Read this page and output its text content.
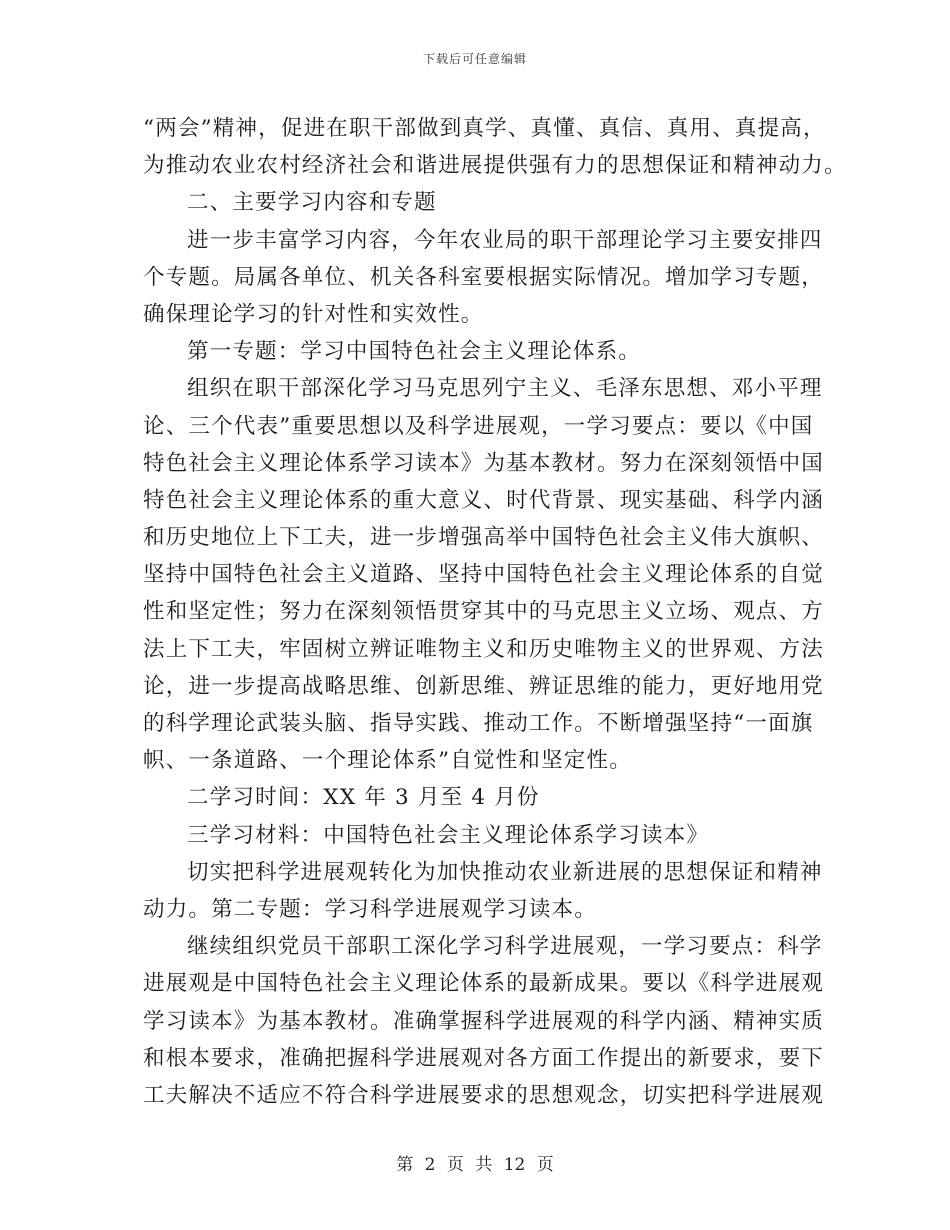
下载后可任意编辑
“两会”精神，促进在职干部做到真学、真懂、真信、真用、真提高，
为推动农业农村经济社会和谐进展提供强有力的思想保证和精神动力。
二、主要学习内容和专题
进一步丰富学习内容，今年农业局的职干部理论学习主要安排四
个专题。局属各单位、机关各科室要根据实际情况。增加学习专题，
确保理论学习的针对性和实效性。
第一专题：学习中国特色社会主义理论体系。
组织在职干部深化学习马克思列宁主义、毛泽东思想、邓小平理
论、三个代表”重要思想以及科学进展观，一学习要点：要以《中国
特色社会主义理论体系学习读本》为基本教材。努力在深刻领悟中国
特色社会主义理论体系的重大意义、时代背景、现实基础、科学内涵
和历史地位上下工夫，进一步增强高举中国特色社会主义伟大旗帜、
坚持中国特色社会主义道路、坚持中国特色社会主义理论体系的自觉
性和坚定性；努力在深刻领悟贯穿其中的马克思主义立场、观点、方
法上下工夫，牢固树立辨证唯物主义和历史唯物主义的世界观、方法
论，进一步提高战略思维、创新思维、辨证思维的能力，更好地用党
的科学理论武装头脑、指导实践、推动工作。不断增强坚持“一面旗
帜、一条道路、一个理论体系”自觉性和坚定性。
二学习时间：XX 年 3 月至 4 月份
三学习材料：中国特色社会主义理论体系学习读本》
切实把科学进展观转化为加快推动农业新进展的思想保证和精神
动力。第二专题：学习科学进展观学习读本。
继续组织党员干部职工深化学习科学进展观，一学习要点：科学
进展观是中国特色社会主义理论体系的最新成果。要以《科学进展观
学习读本》为基本教材。准确掌握科学进展观的科学内涵、精神实质
和根本要求，准确把握科学进展观对各方面工作提出的新要求，要下
工夫解决不适应不符合科学进展要求的思想观念，切实把科学进展观
第 2 页 共 12 页
